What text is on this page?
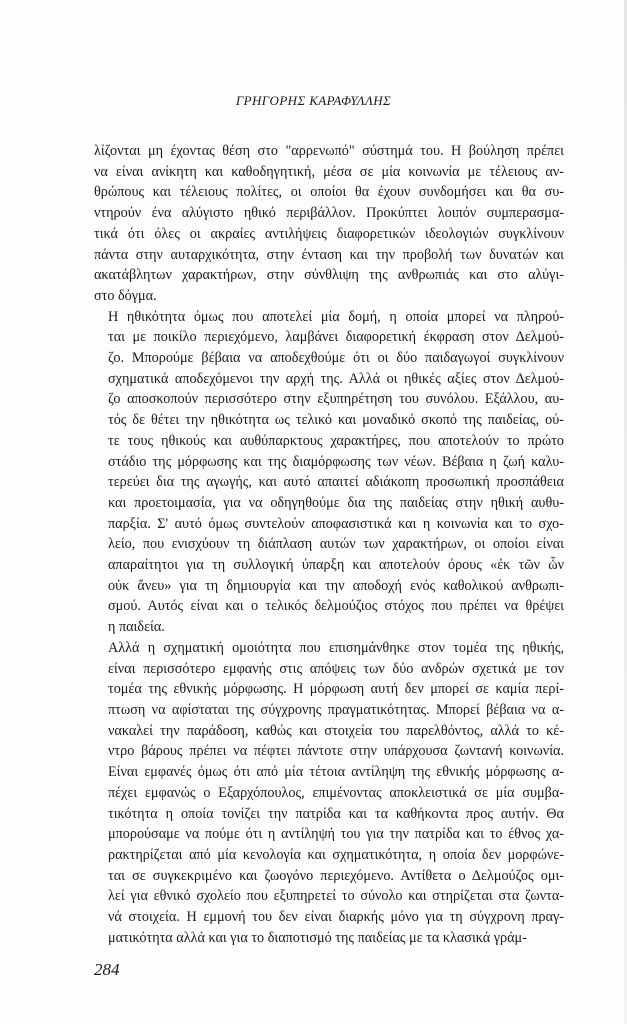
ΓΡΗΓΟΡΗΣ ΚΑΡΑΦΥΛΛΗΣ

λίζονται μη έχοντας θέση στο "αρρενωπό" σύστημά του. Η βούληση πρέπει
να είναι ανίκητη και καθοδηγητική, μέσα σε μία κοινωνία με τέλειους αν-
θρώπους και τέλειους πολίτες, οι οποίοι θα έχουν συνδομήσει και θα συ-
ντηρούν ένα αλύγιστο ηθικό περιβάλλον. Προκύπτει λοιπόν συμπερασμα-
τικά ότι όλες οι ακραίες αντιλήψεις διαφορετικών ιδεολογιών συγκλίνουν
πάντα στην αυταρχικότητα, στην ένταση και την προβολή των δυνατών και
ακατάβλητων χαρακτήρων, στην σύνθλιψη της ανθρωπιάς και στο αλύγι-
στο δόγμα.

Η ηθικότητα όμως που αποτελεί μία δομή, η οποία μπορεί να πληρού-
ται με ποικίλο περιεχόμενο, λαμβάνει διαφορετική έκφραση στον Δελμού-
ζο. Μπορούμε βέβαια να αποδεχθούμε ότι οι δύο παιδαγωγοί συγκλίνουν
σχηματικά αποδεχόμενοι την αρχή της. Αλλά οι ηθικές αξίες στον Δελμού-
ζο αποσκοπούν περισσότερο στην εξυπηρέτηση του συνόλου. Εξάλλου, αυ-
τός δε θέτει την ηθικότητα ως τελικό και μοναδικό σκοπό της παιδείας, ού-
τε τους ηθικούς και αυθύπαρκτους χαρακτήρες, που αποτελούν το πρώτο
στάδιο της μόρφωσης και της διαμόρφωσης των νέων. Βέβαια η ζωή καλυ-
τερεύει δια της αγωγής, και αυτό απαιτεί αδιάκοπη προσωπική προσπάθεια
και προετοιμασία, για να οδηγηθούμε δια της παιδείας στην ηθική αυθυ-
παρξία. Σ' αυτό όμως συντελούν αποφασιστικά και η κοινωνία και το σχο-
λείο, που ενισχύουν τη διάπλαση αυτών των χαρακτήρων, οι οποίοι είναι
απαραίτητοι για τη συλλογική ύπαρξη και αποτελούν όρους «ἐκ τῶν ὧν
οὐκ ἄνευ» για τη δημιουργία και την αποδοχή ενός καθολικού ανθρωπι-
σμού. Αυτός είναι και ο τελικός δελμούζιος στόχος που πρέπει να θρέψει
η παιδεία.

Αλλά η σχηματική ομοιότητα που επισημάνθηκε στον τομέα της ηθικής,
είναι περισσότερο εμφανής στις απόψεις των δύο ανδρών σχετικά με τον
τομέα της εθνικής μόρφωσης. Η μόρφωση αυτή δεν μπορεί σε καμία περί-
πτωση να αφίσταται της σύγχρονης πραγματικότητας. Μπορεί βέβαια να α-
νακαλεί την παράδοση, καθώς και στοιχεία του παρελθόντος, αλλά το κέ-
ντρο βάρους πρέπει να πέφτει πάντοτε στην υπάρχουσα ζωντανή κοινωνία.
Είναι εμφανές όμως ότι από μία τέτοια αντίληψη της εθνικής μόρφωσης α-
πέχει εμφανώς ο Εξαρχόπουλος, επιμένοντας αποκλειστικά σε μία συμβα-
τικότητα η οποία τονίζει την πατρίδα και τα καθήκοντα προς αυτήν. Θα
μπορούσαμε να πούμε ότι η αντίληψή του για την πατρίδα και το έθνος χα-
ρακτηρίζεται από μία κενολογία και σχηματικότητα, η οποία δεν μορφώνε-
ται σε συγκεκριμένο και ζωογόνο περιεχόμενο. Αντίθετα ο Δελμούζος ομι-
λεί για εθνικό σχολείο που εξυπηρετεί το σύνολο και στηρίζεται στα ζωντα-
νά στοιχεία. Η εμμονή του δεν είναι διαρκής μόνο για τη σύγχρονη πραγ-
ματικότητα αλλά και για το διαποτισμό της παιδείας με τα κλασικά γράμ-

284
